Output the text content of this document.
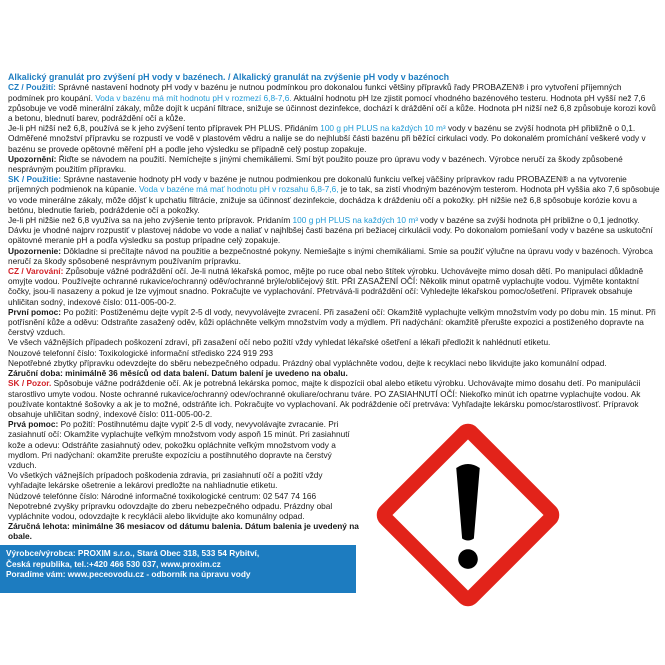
Alkalický granulát pro zvýšení pH vody v bazénech. / Alkalický granulát na zvýšenie pH vody v bazénoch

CZ / Použití: Správné nastavení hodnoty pH vody v bazénu je nutnou podmínkou pro dokonalou funkci většiny přípravků řady PROBAZEN® i pro vytvoření příjemných podmínek pro koupání. Voda v bazénu má mít hodnotu pH v rozmezí 6,8-7,6. Aktuální hodnotu pH lze zjistit pomocí vhodného bazénového testeru. Hodnota pH vyšší než 7,6 způsobuje ve vodě minerální zákaly, může dojít k ucpání filtrace, snižuje se účinnost dezinfekce, dochází k dráždění očí a kůže. Hodnota pH nižší než 6,8 způsobuje korozi kovů a betonu, blednutí barev, podráždění očí a kůže.

Je-li pH nižší než 6,8, používá se k jeho zvýšení tento přípravek PH PLUS. Přidáním 100 g pH PLUS na každých 10 m³ vody v bazénu se zvýší hodnota pH přibližně o 0,1. Odměřené množství přípravku se rozpustí ve vodě v plastovém vědru a nalije se do nejhlubší části bazénu při běžící cirkulaci vody. Po dokonalém promíchání veškeré vody v bazénu se provede opětovné měření pH a podle jeho výsledku se případně celý postup zopakuje.

Upozornění: Řiďte se návodem na použití. Nemíchejte s jinými chemikáliemi. Smí být použito pouze pro úpravu vody v bazénech. Výrobce neručí za škody způsobené nesprávným použitím přípravku.

SK / Použitie: Správne nastavenie hodnoty pH vody v bazéne je nutnou podmienkou pre dokonalú funkciu veľkej väčšiny prípravkov radu PROBAZEN® a na vytvorenie príjemných podmienok na kúpanie. Voda v bazéne má mať hodnotu pH v rozsahu 6,8-7,6, je to tak, sa zistí vhodným bazénovým testerom. Hodnota pH vyššia ako 7,6 spôsobuje vo vode minerálne zákaly, môže dôjsť k upchatiu filtrácie, znižuje sa účinnosť dezinfekcie, dochádza k dráždeniu očí a pokožky. pH nižšie než 6,8 spôsobuje korózie kovu a betónu, blednutie farieb, podráždenie očí a pokožky.

Je-li pH nižšie než 6,8 využíva sa na jeho zvýšenie tento prípravok. Pridaním 100 g pH PLUS na každých 10 m³ vody v bazéne sa zvýši hodnota pH približne o 0,1 jednotky. Dávku je vhodné najprv rozpustiť v plastovej nádobe vo vode a naliať v najhlbšej časti bazéna pri bežiacej cirkulácii vody. Po dokonalom pomiešaní vody v bazéne sa uskutoční opätovné meranie pH a podľa výsledku sa postup prípadne celý zopakuje.

Upozornenie: Dôkladne si prečítajte návod na použitie a bezpečnostné pokyny. Nemiešajte s inými chemikáliami. Smie sa použiť výlučne na úpravu vody v bazénoch. Výrobca neručí za škody spôsobené nesprávnym používaním prípravku.

CZ / Varování: Způsobuje vážné podráždění očí. Je-li nutná lékařská pomoc, mějte po ruce obal nebo štítek výrobku. Uchovávejte mimo dosah dětí. Po manipulaci důkladně omyjte vodou. Používejte ochranné rukavice/ochranný oděv/ochranné brýle/obličejový štít. PŘI ZASAŽENÍ OČÍ: Několik minut opatrně vyplachujte vodou. Vyjměte kontaktní čočky, jsou-li nasazeny a pokud je lze vyjmout snadno. Pokračujte ve vyplachování. Přetrvává-li podráždění očí: Vyhledejte lékařskou pomoc/ošetření. Přípravek obsahuje uhličitan sodný, indexové číslo: 011-005-00-2.

První pomoc: Po požití: Postiženému dejte vypít 2-5 dl vody, nevyvolávejte zvracení. Při zasažení očí: Okamžitě vyplachujte velkým množstvím vody po dobu min. 15 minut. Při potřísnění kůže a oděvu: Odstraňte zasažený oděv, kůži opláchněte velkým množstvím vody a mýdlem. Při nadýchání: okamžitě přerušte expozici a postiženého dopravte na čerstvý vzduch.

Ve všech vážnějších případech poškození zdraví, při zasažení očí nebo požití vždy vyhledat lékařské ošetření a lékaři předložit k nahlédnutí etiketu.

Nouzové telefonní číslo: Toxikologické informační středisko 224 919 293

Nepotřebné zbytky přípravku odevzdejte do sběru nebezpečného odpadu. Prázdný obal vypláchněte vodou, dejte k recyklaci nebo likvidujte jako komunální odpad.

Záruční doba: minimálně 36 měsíců od data balení. Datum balení je uvedeno na obalu.

SK / Pozor. Spôsobuje vážne podráždenie očí. Ak je potrebná lekárska pomoc, majte k dispozícii obal alebo etiketu výrobku. Uchovávajte mimo dosahu detí. Po manipulácii starostlivo umyte vodou. Noste ochranné rukavice/ochranný odev/ochranné okuliare/ochranu tváre. PO ZASIAHNUTÍ OČÍ: Niekoľko minút ich opatrne vyplachujte vodou. Ak používate kontaktné šošovky a ak je to možné, odstráňte ich. Pokračujte vo vyplachovaní. Ak podráždenie očí pretrváva: Vyhľadajte lekársku pomoc/starostlivosť. Prípravok obsahuje uhličitan sodný, indexové číslo: 011-005-00-2.

Prvá pomoc: Po požití: Postihnutému dajte vypiť 2-5 dl vody, nevyvolávajte zvracanie. Pri zasiahnutí očí: Okamžite vyplachujte veľkým množstvom vody aspoň 15 minút. Pri zasiahnutí kože a odevu: Odstráňte zasiahnutý odev, pokožku opláchnite veľkým množstvom vody a mydlom. Pri nadýchaní: okamžite prerušte expozíciu a postihnutého dopravte na čerstvý vzduch.

Vo všetkých vážnejších prípadoch poškodenia zdravia, pri zasiahnutí očí a požití vždy vyhľadajte lekárske ošetrenie a lekárovi predložte na nahliadnutie etiketu.

Núdzové telefónne číslo: Národné informačné toxikologické centrum: 02 547 74 166

Nepotrebné zvyšky prípravku odovzdajte do zberu nebezpečného odpadu. Prázdny obal vypláchnite vodou, odovzdajte k recyklácii alebo likvidujte ako komunálny odpad.

Záručná lehota: minimálne 36 mesiacov od dátumu balenia. Dátum balenia je uvedený na obale.

Výrobce/výrobca: PROXIM s.r.o., Stará Obec 318, 533 54 Rybitví,
Česká republika, tel.:+420 466 530 037, www.proxim.cz
Poradíme vám: www.peceovodu.cz - odborník na úpravu vody
